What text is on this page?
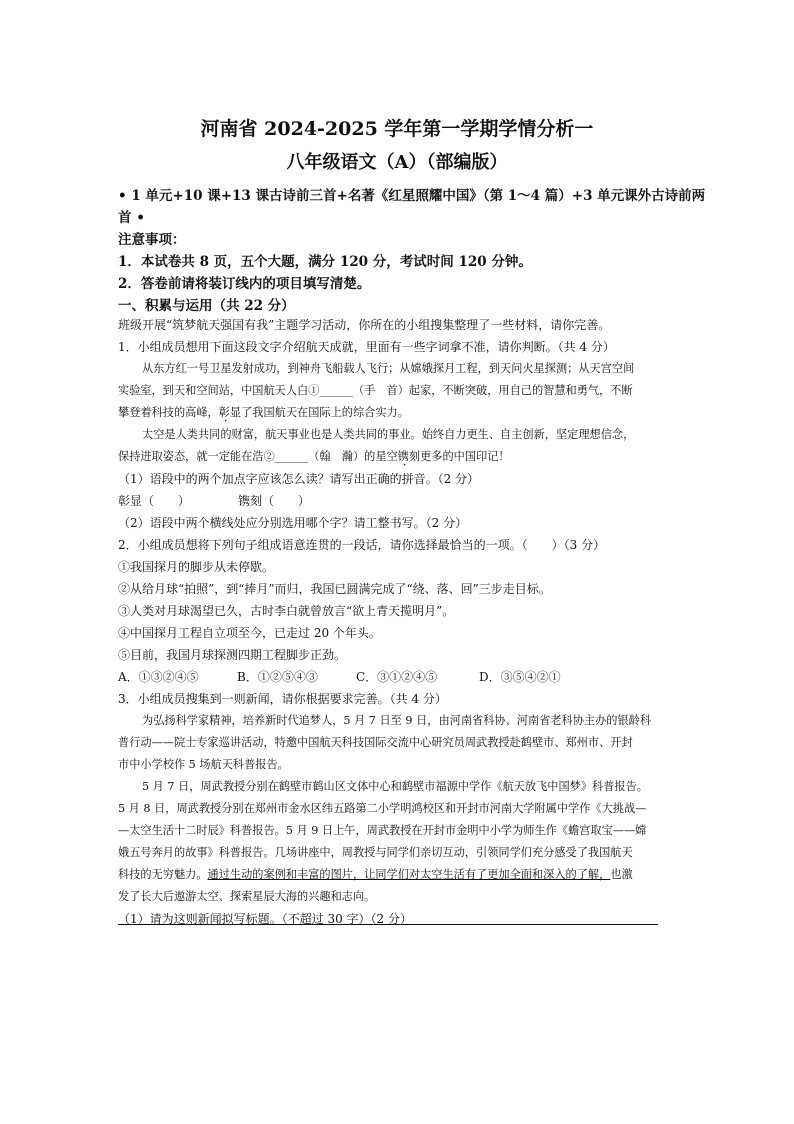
河南省 2024-2025 学年第一学期学情分析一
八年级语文（A）（部编版）
• 1 单元+10 课+13 课古诗前三首+名著《红星照耀中国》（第 1～4 篇）+3 单元课外古诗前两
首 •
注意事项：
1．本试卷共 8 页，五个大题，满分 120 分，考试时间 120 分钟。
2．答卷前请将装订线内的项目填写清楚。
一、积累与运用（共 22 分）
班级开展“筑梦航天强国有我”主题学习活动，你所在的小组搜集整理了一些材料，请你完善。
1．小组成员想用下面这段文字介绍航天成就，里面有一些字词拿不准，请你判断。（共 4 分）
从东方红一号卫星发射成功，到神舟飞船载人飞行；从嫦娥探月工程，到天问火星探测；从天宫空间
实验室，到天和空间站，中国航天人白①______（手　首）起家，不断突破，用自己的智慧和勇气，不断
攀登着科技的高峰，彰显了我国航天在国际上的综合实力。
太空是人类共同的财富，航天事业也是人类共同的事业。始终自力更生、自主创新，坚定理想信念，
保持进取姿态，就一定能在浩②______（翰　瀚）的星空镌刻更多的中国印记！
（1）语段中的两个加点字应该怎么读？请写出正确的拼音。（2 分）
彰显（　　）	镌刻（　　）
（2）语段中两个横线处应分别选用哪个字？请工整书写。（2 分）
2．小组成员想将下列句子组成语意连贯的一段话，请你选择最恰当的一项。（　　）（3 分）
①我国探月的脚步从未停歇。
②从给月球“拍照”，到“捧月”而归，我国已圆满完成了“绕、落、回”三步走目标。
③人类对月球渴望已久，古时李白就曾放言“欲上青天揽明月”。
④中国探月工程自立项至今，已走过 20 个年头。
⑤目前，我国月球探测四期工程脚步正劲。
A．①③②④⑤	B．①②⑤④③	C．③①②④⑤	D．③⑤④②①
3．小组成员搜集到一则新闻，请你根据要求完善。（共 4 分）
为弘扬科学家精神，培养新时代追梦人，5 月 7 日至 9 日，由河南省科协、河南省老科协主办的银龄科
普行动——院士专家巡讲活动，特邀中国航天科技国际交流中心研究员周武教授赴鹤壁市、郑州市、开封
市中小学校作 5 场航天科普报告。
5 月 7 日，周武教授分别在鹤壁市鹤山区文体中心和鹤壁市福源中学作《航天放飞中国梦》科普报告。
5 月 8 日，周武教授分别在郑州市金水区纬五路第二小学明鸿校区和开封市河南大学附属中学作《大挑战—
—太空生活十二时辰》科普报告。5 月 9 日上午，周武教授在开封市金明中小学为师生作《蟾宫取宝——嫦
娥五号奔月的故事》科普报告。几场讲座中，周教授与同学们亲切互动，引领同学们充分感受了我国航天
科技的无穷魅力。通过生动的案例和丰富的图片，让同学们对太空生活有了更加全面和深入的了解，也激
发了长大后遨游太空、探索星辰大海的兴趣和志向。
（1）请为这则新闻拟写标题。（不超过 30 字）（2 分）
